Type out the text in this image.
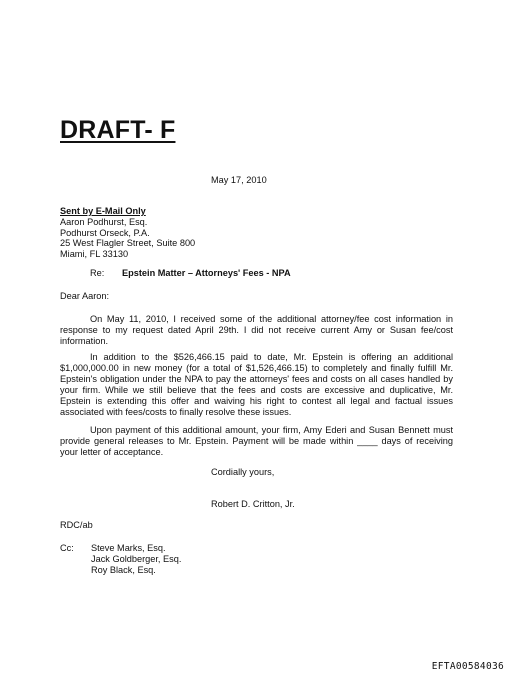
DRAFT- F
May 17, 2010
Sent by E-Mail Only
Aaron Podhurst, Esq.
Podhurst Orseck, P.A.
25 West Flagler Street, Suite 800
Miami, FL 33130
Re: Epstein Matter – Attorneys' Fees - NPA
Dear Aaron:
On May 11, 2010, I received some of the additional attorney/fee cost information in response to my request dated April 29th. I did not receive current Amy or Susan fee/cost information.
In addition to the $526,466.15 paid to date, Mr. Epstein is offering an additional $1,000,000.00 in new money (for a total of $1,526,466.15) to completely and finally fulfill Mr. Epstein's obligation under the NPA to pay the attorneys' fees and costs on all cases handled by your firm. While we still believe that the fees and costs are excessive and duplicative, Mr. Epstein is extending this offer and waiving his right to contest all legal and factual issues associated with fees/costs to finally resolve these issues.
Upon payment of this additional amount, your firm, Amy Ederi and Susan Bennett must provide general releases to Mr. Epstein. Payment will be made within ____ days of receiving your letter of acceptance.
Cordially yours,
Robert D. Critton, Jr.
RDC/ab
Cc: Steve Marks, Esq.
Jack Goldberger, Esq.
Roy Black, Esq.
EFTA00584036
